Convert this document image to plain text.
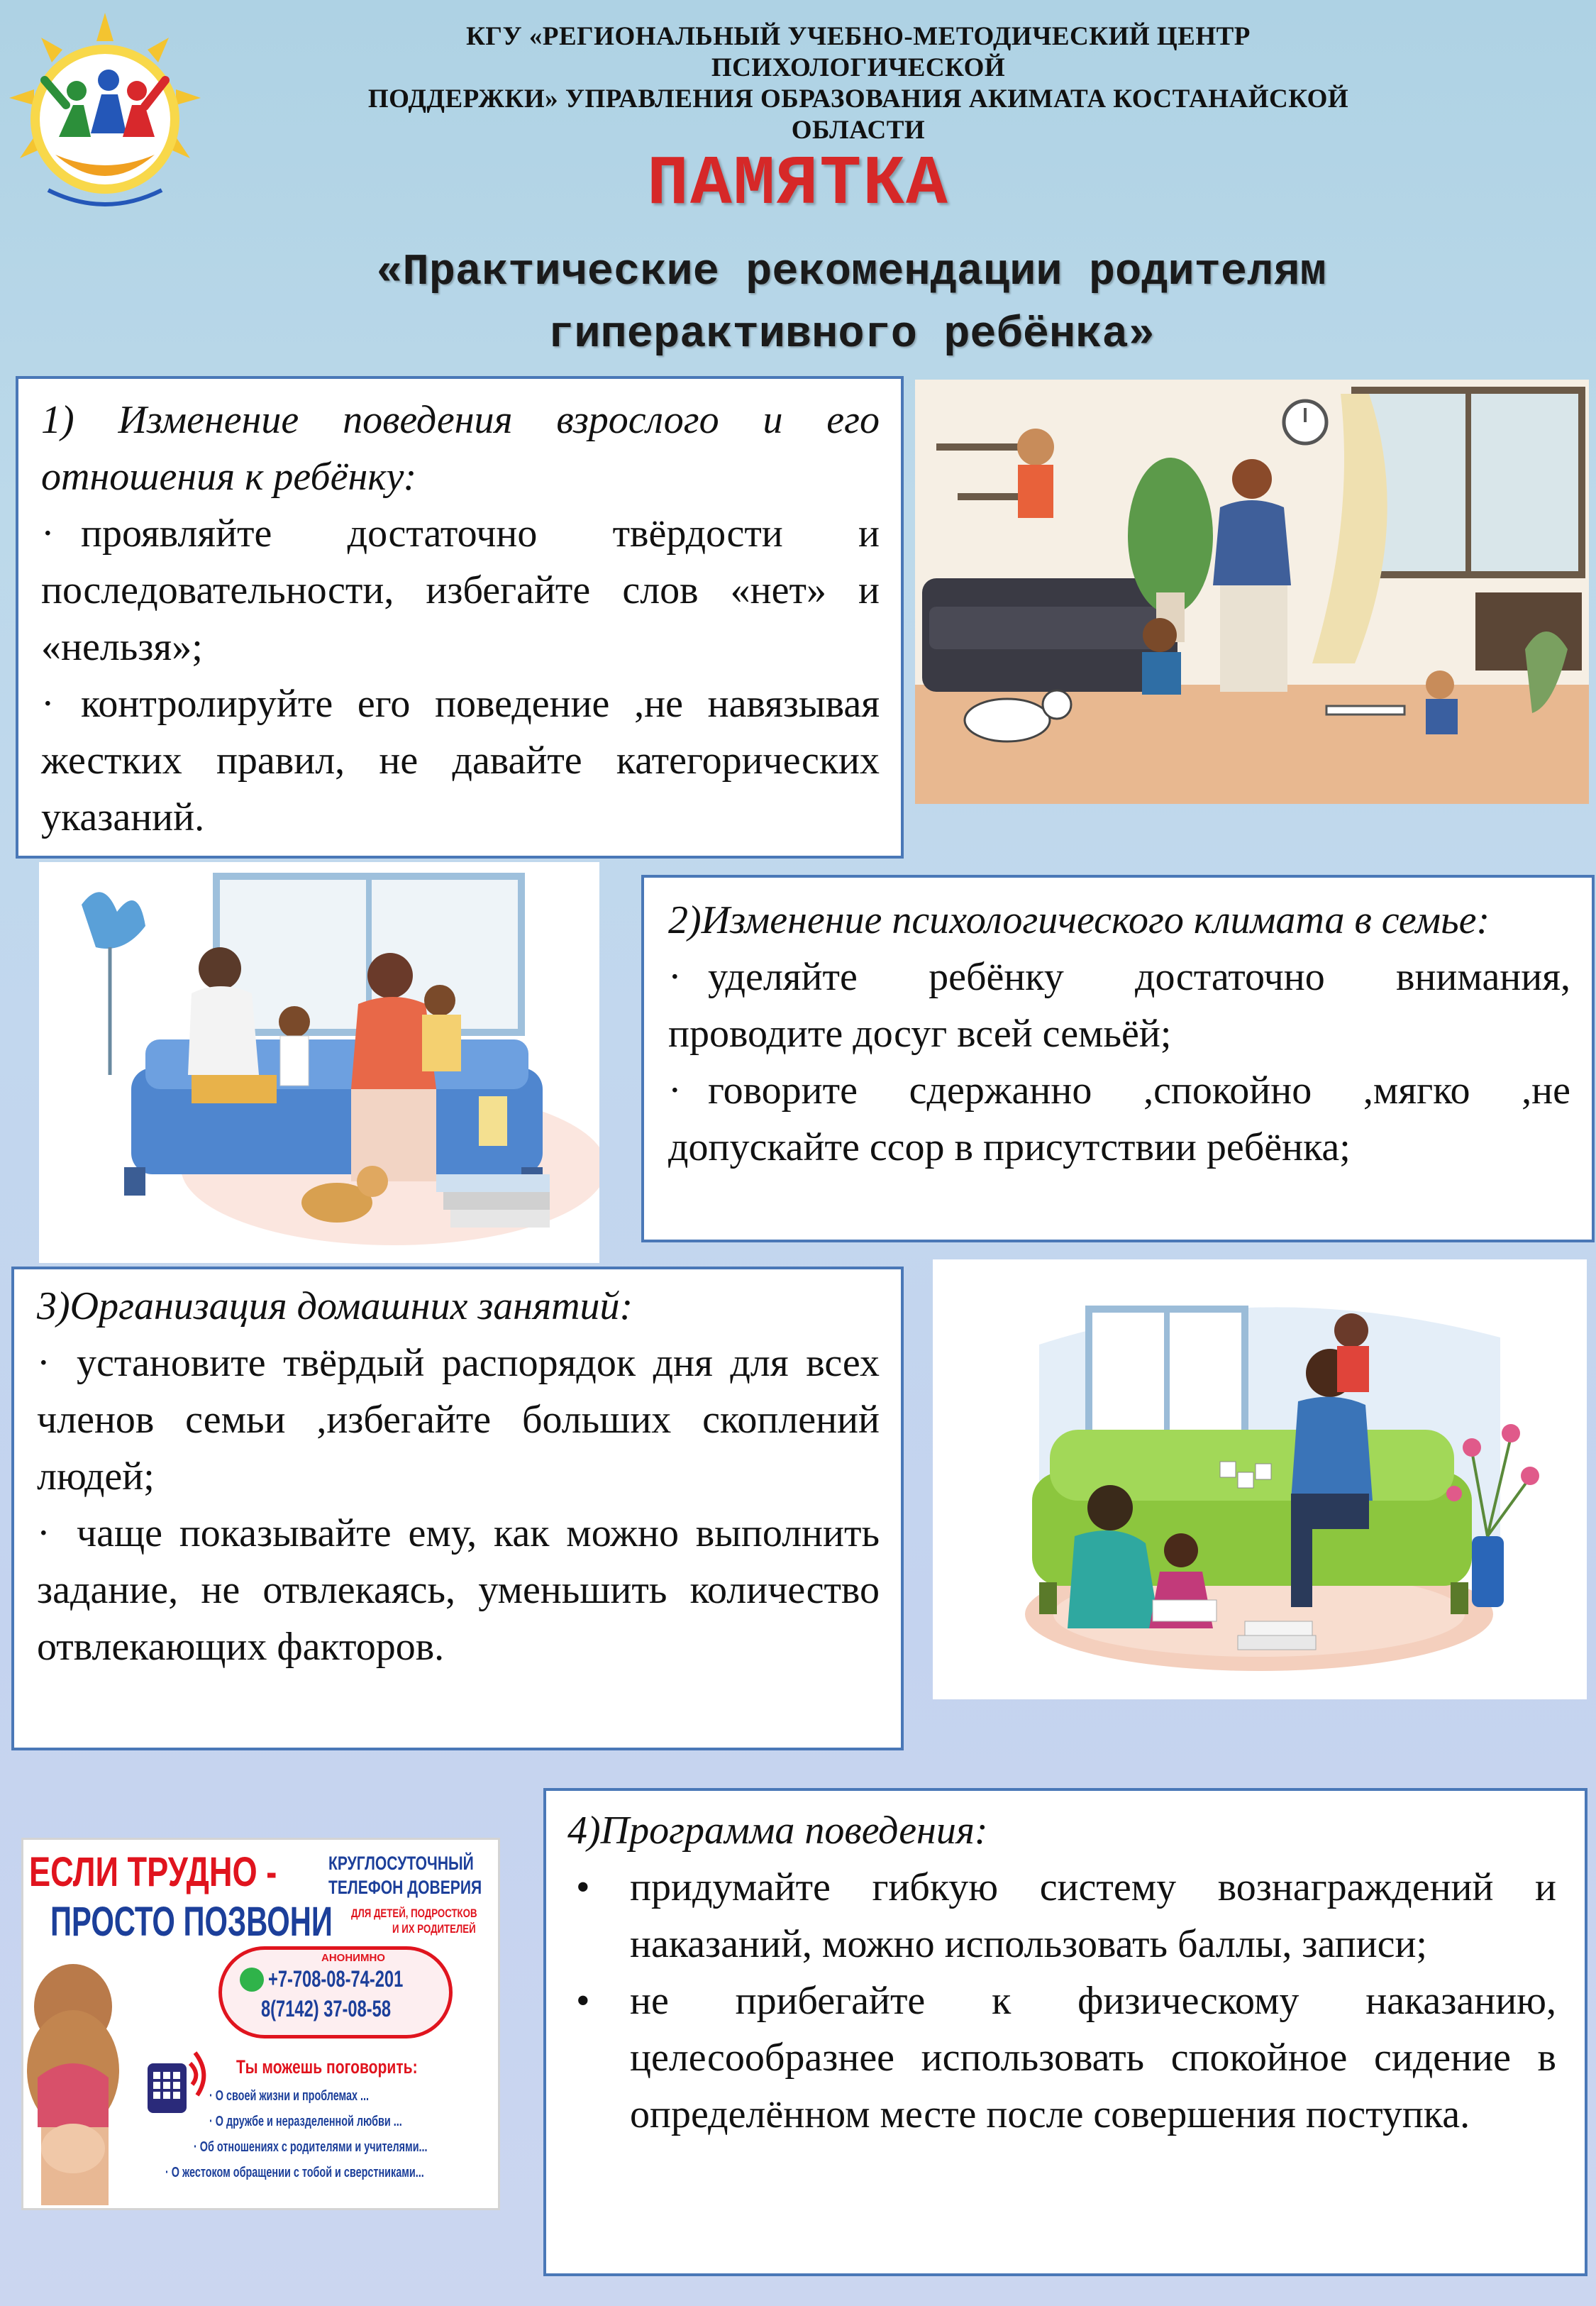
КГУ «РЕГИОНАЛЬНЫЙ УЧЕБНО-МЕТОДИЧЕСКИЙ ЦЕНТР ПСИХОЛОГИЧЕСКОЙ
ПОДДЕРЖКИ» УПРАВЛЕНИЯ ОБРАЗОВАНИЯ АКИМАТА КОСТАНАЙСКОЙ ОБЛАСТИ
ПАМЯТКА
«Практические рекомендации родителям
гиперактивного ребёнка»

1) Изменение поведения взрослого и его отношения к ребёнку:

· проявляйте достаточно твёрдости и последовательности, избегайте слов «нет» и «нельзя»;

· контролируйте его поведение ,не навязывая жестких правил, не давайте категорических указаний.

2)Изменение психологического климата в семье:

· уделяйте ребёнку достаточно внимания, проводите досуг всей семьёй;

· говорите сдержанно ,спокойно ,мягко ,не допускайте ссор в присутствии ребёнка;

3)Организация домашних занятий:

· установите твёрдый распорядок дня для всех членов семьи ,избегайте больших скоплений людей;

· чаще показывайте ему, как можно выполнить задание, не отвлекаясь, уменьшить количество отвлекающих факторов.

ЕСЛИ ТРУДНО -
ПРОСТО ПОЗВОНИ
КРУГЛОСУТОЧНЫЙ
ТЕЛЕФОН ДОВЕРИЯ
ДЛЯ ДЕТЕЙ, ПОДРОСТКОВ
И ИХ РОДИТЕЛЕЙ
АНОНИМНО
+7-708-08-74-201
8(7142) 37-08-58
Ты можешь поговорить:
· О своей жизни и проблемах ...
· О дружбе и неразделенной любви ...
· Об отношениях с родителями и учителями...
· О жестоком обращении с тобой и сверстниками...

4)Программа поведения:

• придумайте гибкую систему вознаграждений и наказаний, можно использовать баллы, записи;
• не прибегайте к физическому наказанию, целесообразнее использовать спокойное сидение в определённом месте после совершения поступка.
